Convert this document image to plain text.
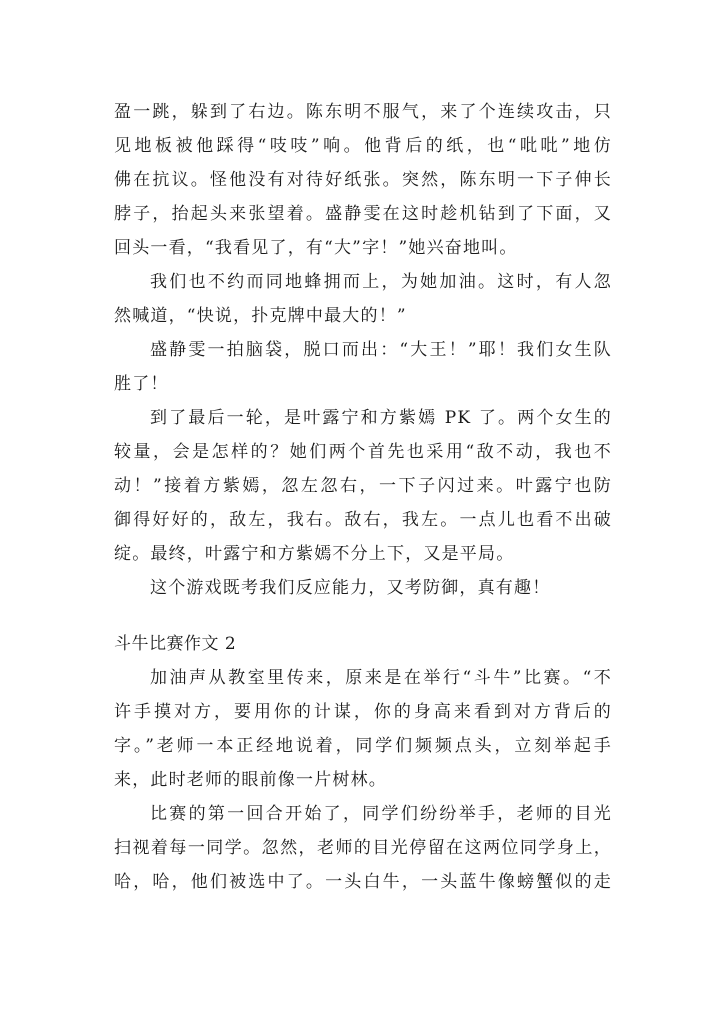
盈一跳，躲到了右边。陈东明不服气，来了个连续攻击，只
见地板被他踩得“吱吱”响。他背后的纸，也“吡吡”地仿
佛在抗议。怪他没有对待好纸张。突然，陈东明一下子伸长
脖子，抬起头来张望着。盛静雯在这时趁机钻到了下面，又
回头一看，“我看见了，有“大”字！”她兴奋地叫。
我们也不约而同地蜂拥而上，为她加油。这时，有人忽
然喊道，“快说，扑克牌中最大的！”
盛静雯一拍脑袋，脱口而出：“大王！”耶！我们女生队
胜了！
到了最后一轮，是叶露宁和方紫嫣 PK 了。两个女生的
较量，会是怎样的？她们两个首先也采用“敌不动，我也不
动！”接着方紫嫣，忽左忽右，一下子闪过来。叶露宁也防
御得好好的，敌左，我右。敌右，我左。一点儿也看不出破
绽。最终，叶露宁和方紫嫣不分上下，又是平局。
这个游戏既考我们反应能力，又考防御，真有趣！
斗牛比赛作文 2
加油声从教室里传来，原来是在举行“斗牛”比赛。“不
许手摸对方，要用你的计谋，你的身高来看到对方背后的
字。”老师一本正经地说着，同学们频频点头，立刻举起手
来，此时老师的眼前像一片树林。
比赛的第一回合开始了，同学们纷纷举手，老师的目光
扫视着每一同学。忽然，老师的目光停留在这两位同学身上，
哈，哈，他们被选中了。一头白牛，一头蓝牛像螃蟹似的走
